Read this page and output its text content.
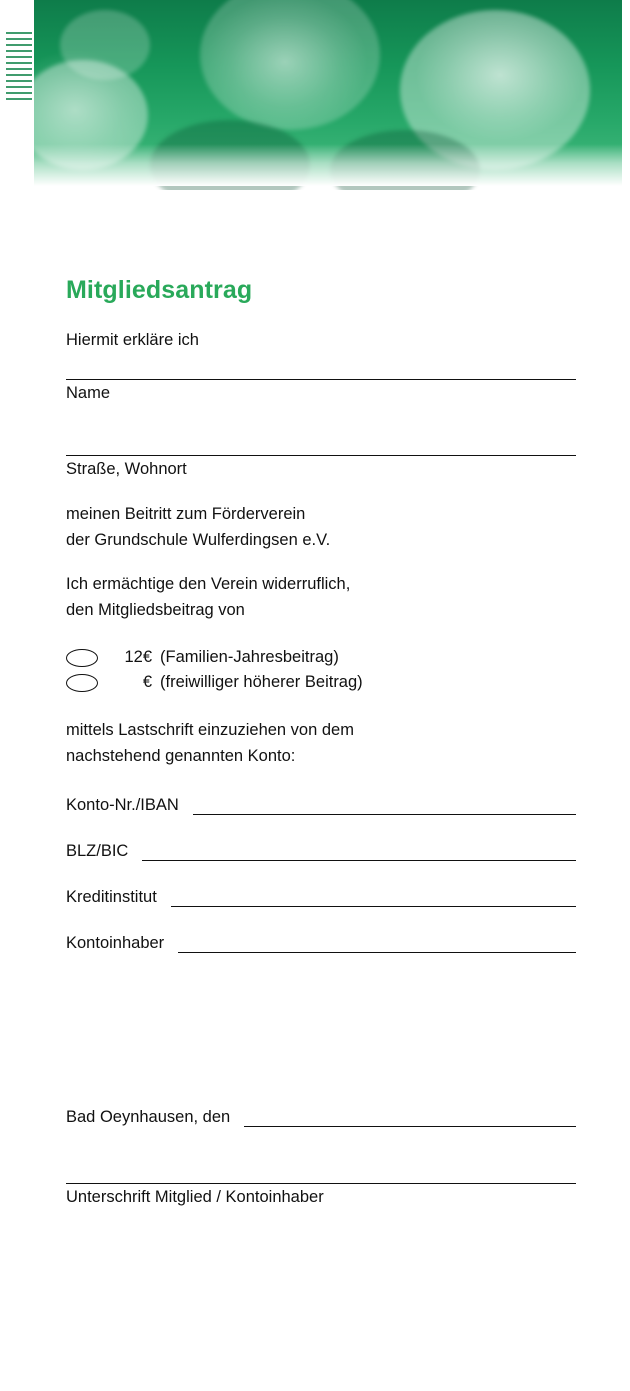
Mitgliedsantrag

Hiermit erkläre ich

Name
Straße, Wohnort

meinen Beitritt zum Förderverein

der Grundschule Wulferdingsen e.V.

Ich ermächtige den Verein widerruflich,

den Mitgliedsbeitrag von

12€ (Familien-Jahresbeitrag)
€ (freiwilliger höherer Beitrag)

mittels Lastschrift einzuziehen von dem

nachstehend genannten Konto:

Konto-Nr./IBAN
BLZ/BIC
Kreditinstitut
Kontoinhaber
Bad Oeynhausen, den
Unterschrift Mitglied / Kontoinhaber
